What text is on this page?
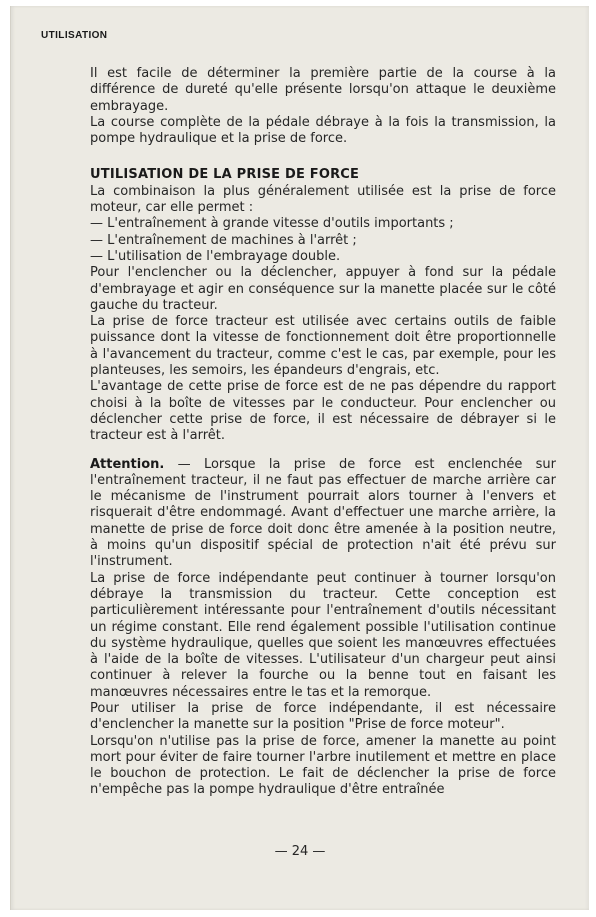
UTILISATION

Il est facile de déterminer la première partie de la course à la différence de dureté qu'elle présente lorsqu'on attaque le deuxième embrayage.

La course complète de la pédale débraye à la fois la transmission, la pompe hydraulique et la prise de force.

UTILISATION DE LA PRISE DE FORCE

La combinaison la plus généralement utilisée est la prise de force moteur, car elle permet :

— L'entraînement à grande vitesse d'outils importants ;

— L'entraînement de machines à l'arrêt ;

— L'utilisation de l'embrayage double.

Pour l'enclencher ou la déclencher, appuyer à fond sur la pédale d'embrayage et agir en conséquence sur la manette placée sur le côté gauche du tracteur.

La prise de force tracteur est utilisée avec certains outils de faible puissance dont la vitesse de fonctionnement doit être proportionnelle à l'avancement du tracteur, comme c'est le cas, par exemple, pour les planteuses, les semoirs, les épandeurs d'engrais, etc.

L'avantage de cette prise de force est de ne pas dépendre du rapport choisi à la boîte de vitesses par le conducteur. Pour enclencher ou déclencher cette prise de force, il est nécessaire de débrayer si le tracteur est à l'arrêt.

Attention. — Lorsque la prise de force est enclenchée sur l'entraînement tracteur, il ne faut pas effectuer de marche arrière car le mécanisme de l'instrument pourrait alors tourner à l'envers et risquerait d'être endommagé. Avant d'effectuer une marche arrière, la manette de prise de force doit donc être amenée à la position neutre, à moins qu'un dispositif spécial de protection n'ait été prévu sur l'instrument.

La prise de force indépendante peut continuer à tourner lorsqu'on débraye la transmission du tracteur. Cette conception est particulièrement intéressante pour l'entraînement d'outils nécessitant un régime constant. Elle rend également possible l'utilisation continue du système hydraulique, quelles que soient les manœuvres effectuées à l'aide de la boîte de vitesses. L'utilisateur d'un chargeur peut ainsi continuer à relever la fourche ou la benne tout en faisant les manœuvres nécessaires entre le tas et la remorque.

Pour utiliser la prise de force indépendante, il est nécessaire d'enclencher la manette sur la position "Prise de force moteur".

Lorsqu'on n'utilise pas la prise de force, amener la manette au point mort pour éviter de faire tourner l'arbre inutilement et mettre en place le bouchon de protection. Le fait de déclencher la prise de force n'empêche pas la pompe hydraulique d'être entraînée

— 24 —
